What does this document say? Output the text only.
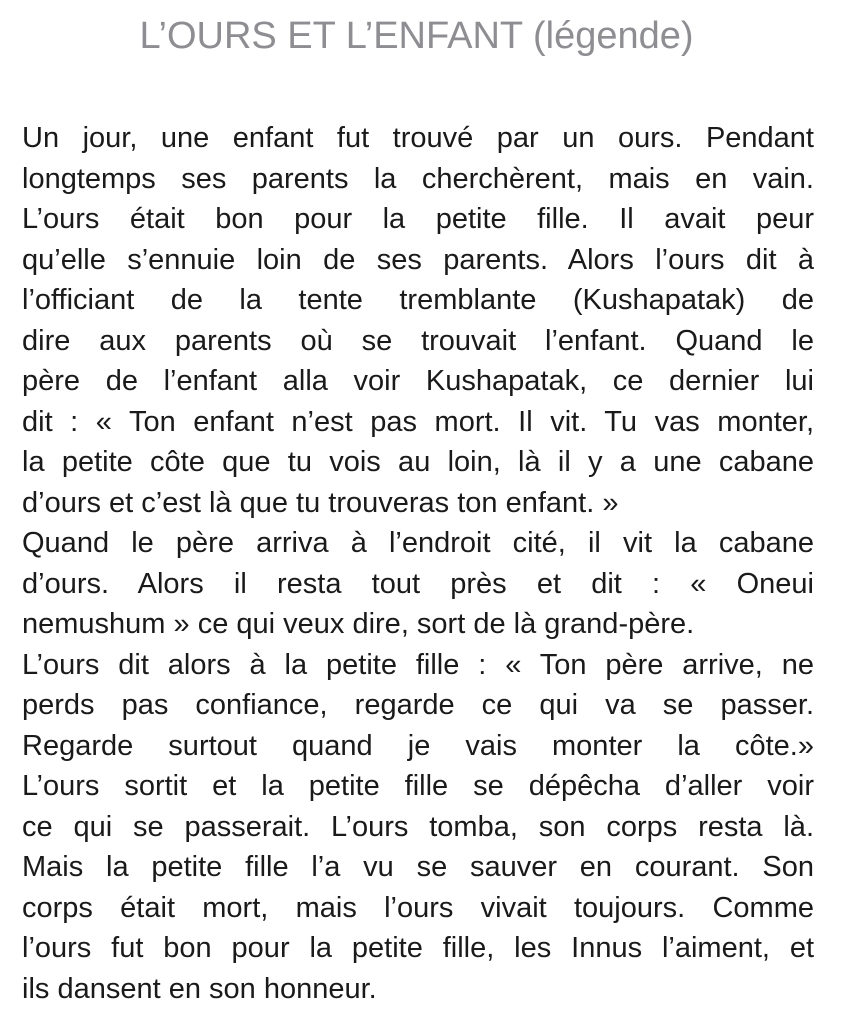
L’OURS ET L’ENFANT (légende)
Un jour, une enfant fut trouvé par un ours. Pendant
longtemps ses parents la cherchèrent, mais en vain.
L’ours était bon pour la petite fille. Il avait peur
qu’elle s’ennuie loin de ses parents. Alors l’ours dit à
l’officiant de la tente tremblante (Kushapatak) de
dire aux parents où se trouvait l’enfant. Quand le
père de l’enfant alla voir Kushapatak, ce dernier lui
dit : « Ton enfant n’est pas mort. Il vit. Tu vas monter,
la petite côte que tu vois au loin, là il y a une cabane
d’ours et c’est là que tu trouveras ton enfant. »
Quand le père arriva à l’endroit cité, il vit la cabane
d’ours. Alors il resta tout près et dit : « Oneui
nemushum » ce qui veux dire, sort de là grand-père.
L’ours dit alors à la petite fille : « Ton père arrive, ne
perds pas confiance, regarde ce qui va se passer.
Regarde surtout quand je vais monter la côte.»
L’ours sortit et la petite fille se dépêcha d’aller voir
ce qui se passerait. L’ours tomba, son corps resta là.
Mais la petite fille l’a vu se sauver en courant. Son
corps était mort, mais l’ours vivait toujours. Comme
l’ours fut bon pour la petite fille, les Innus l’aiment, et
ils dansent en son honneur.
